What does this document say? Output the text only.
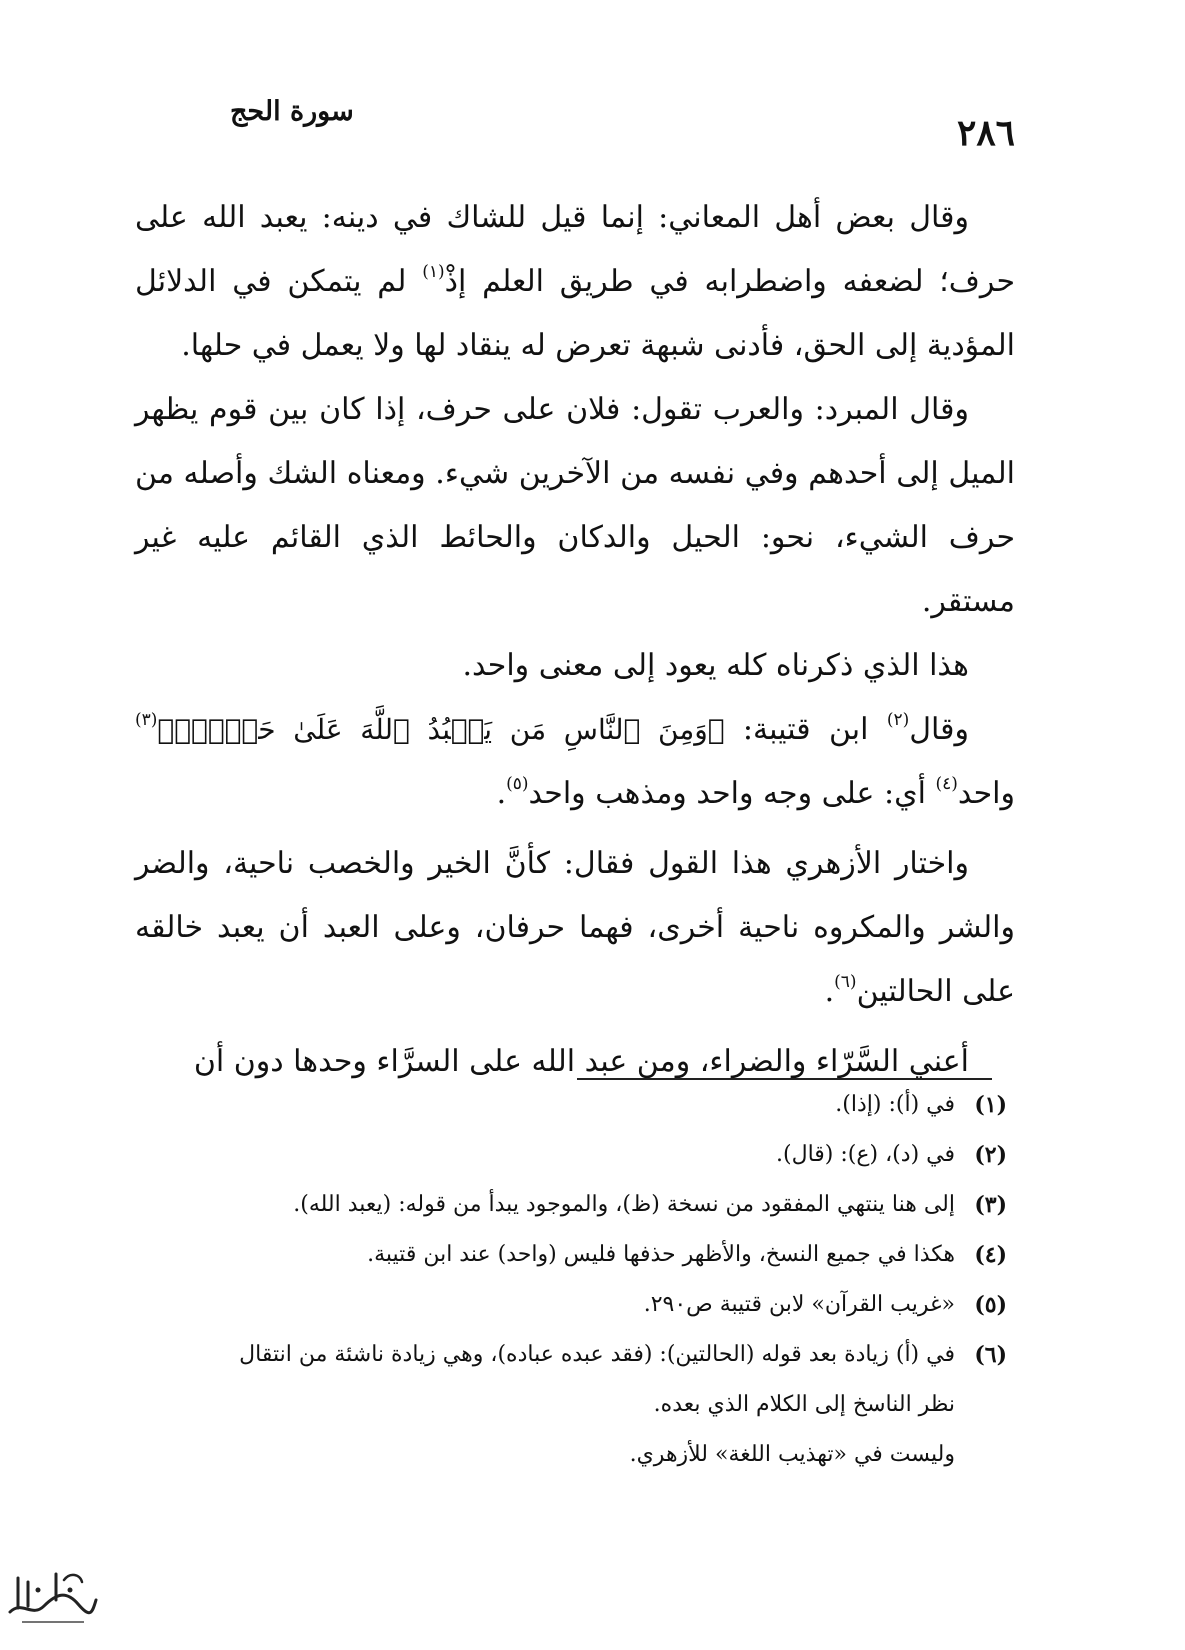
٢٨٦
سورة الحج

وقال بعض أهل المعاني: إنما قيل للشاك في دينه: يعبد الله على حرف؛ لضعفه واضطرابه في طريق العلم إذْ$^{(١)}$ لم يتمكن في الدلائل المؤدية إلى الحق، فأدنى شبهة تعرض له ينقاد لها ولا يعمل في حلها.

وقال المبرد: والعرب تقول: فلان على حرف، إذا كان بين قوم يظهر الميل إلى أحدهم وفي نفسه من الآخرين شيء. ومعناه الشك وأصله من حرف الشيء، نحو: الحيل والدكان والحائط الذي القائم عليه غير مستقر.

هذا الذي ذكرناه كله يعود إلى معنى واحد.

وقال$^{(٢)}$ ابن قتيبة: ﴿وَمِنَ ٱلنَّاسِ مَن يَعۡبُدُ ٱللَّهَ عَلَىٰ حَرۡفٖۖ﴾$^{(٣)}$ واحد$^{(٤)}$ أي: على وجه واحد ومذهب واحد$^{(٥)}$.

واختار الأزهري هذا القول فقال: كأنَّ الخير والخصب ناحية، والضر والشر والمكروه ناحية أخرى، فهما حرفان، وعلى العبد أن يعبد خالقه على الحالتين$^{(٦)}$.

أعني السَّرّاء والضراء، ومن عبد الله على السرَّاء وحدها دون أن

(١)
في (أ): (إذا).
(٢)
في (د)، (ع): (قال).
(٣)
إلى هنا ينتهي المفقود من نسخة (ظ)، والموجود يبدأ من قوله: (يعبد الله).
(٤)
هكذا في جميع النسخ، والأظهر حذفها فليس (واحد) عند ابن قتيبة.
(٥)
«غريب القرآن» لابن قتيبة ص٢٩٠.
(٦)
في (أ) زيادة بعد قوله (الحالتين): (فقد عبده عباده)، وهي زيادة ناشئة من انتقال
نظر الناسخ إلى الكلام الذي بعده.
وليست في «تهذيب اللغة» للأزهري.
